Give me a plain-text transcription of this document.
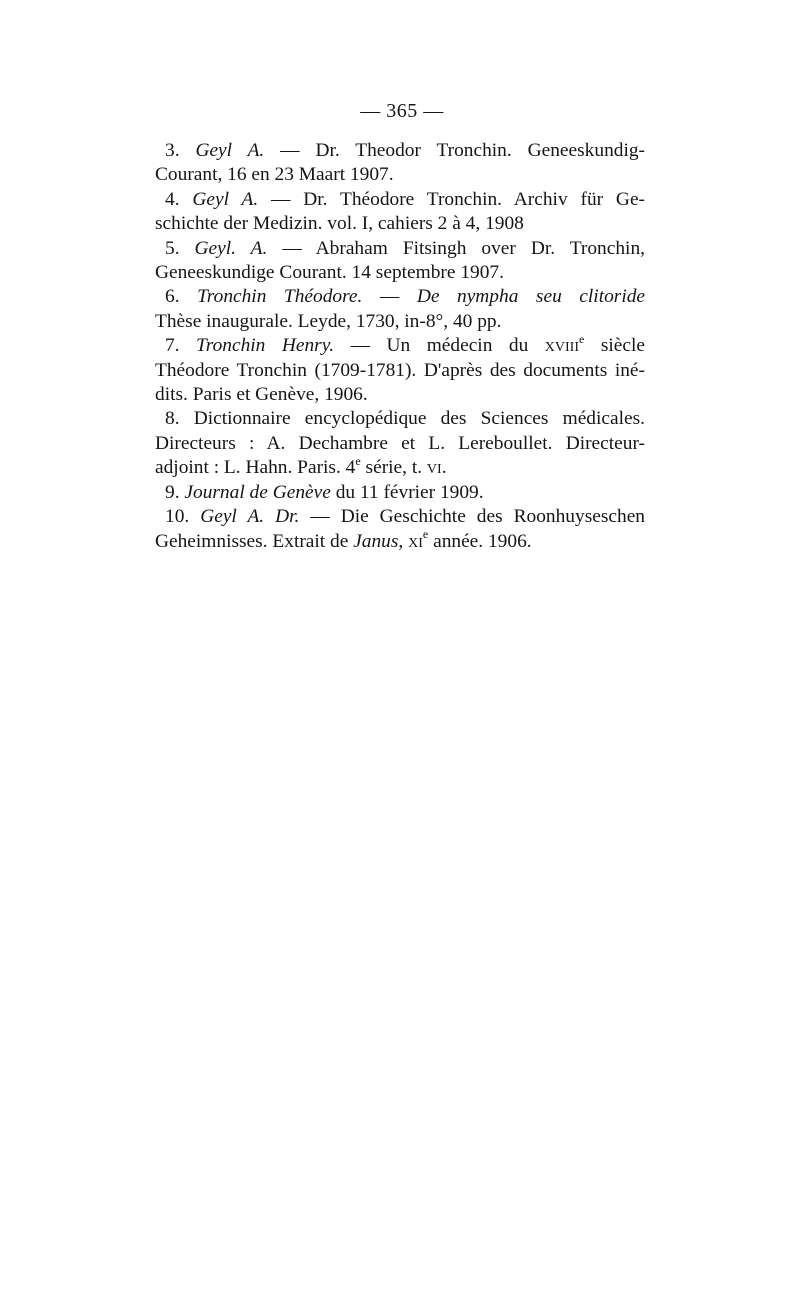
— 365 —
3. Geyl A. — Dr. Theodor Tronchin. Geneeskundig-
Courant, 16 en 23 Maart 1907.
4. Geyl A. — Dr. Théodore Tronchin. Archiv für Ge-
schichte der Medizin. vol. I, cahiers 2 à 4, 1908
5. Geyl. A. — Abraham Fitsingh over Dr. Tronchin,
Geneeskundige Courant. 14 septembre 1907.
6. Tronchin Théodore. — De nympha seu clitoride
Thèse inaugurale. Leyde, 1730, in-8°, 40 pp.
7. Tronchin Henry. — Un médecin du xviii$^e$ siècle
Théodore Tronchin (1709-1781). D'après des documents iné-
dits. Paris et Genève, 1906.
8. Dictionnaire encyclopédique des Sciences médicales.
Directeurs : A. Dechambre et L. Lereboullet. Directeur-
adjoint : L. Hahn. Paris. 4e série, t. vi.
9. Journal de Genève du 11 février 1909.
10. Geyl A. Dr. — Die Geschichte des Roonhuyseschen
Geheimnisses. Extrait de Janus, $xi^e$ année. 1906.
